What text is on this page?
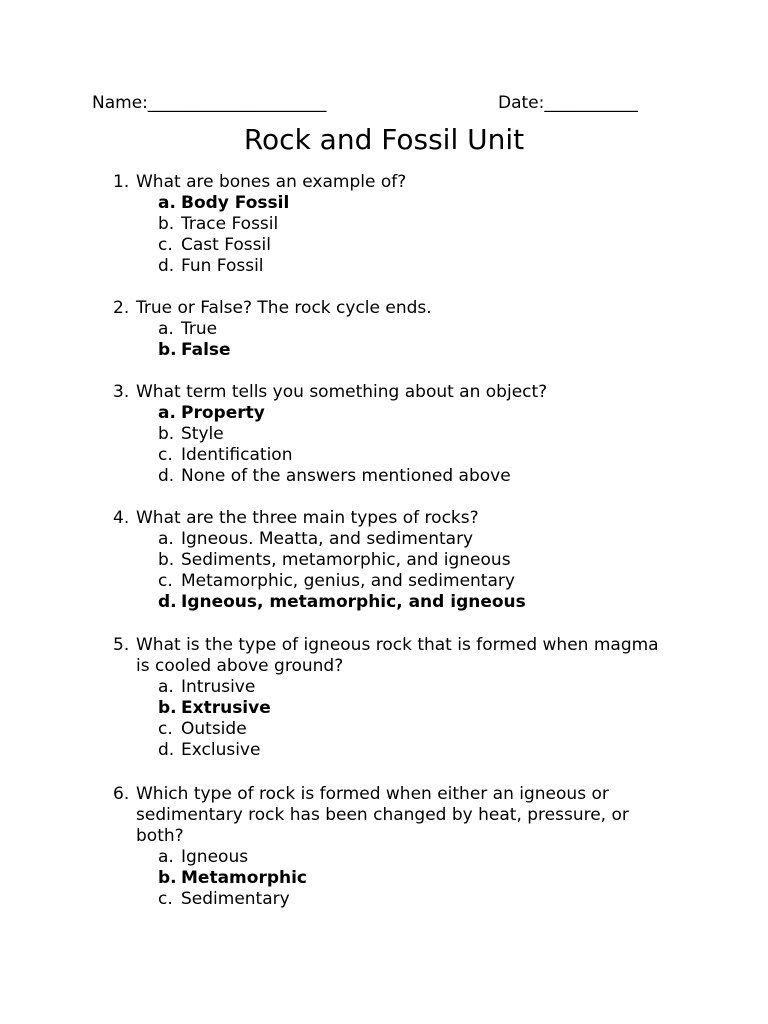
Name:_____________________	Date:___________
Rock and Fossil Unit
1. What are bones an example of?
a. Body Fossil
b. Trace Fossil
c. Cast Fossil
d. Fun Fossil
2. True or False? The rock cycle ends.
a. True
b. False
3. What term tells you something about an object?
a. Property
b. Style
c. Identification
d. None of the answers mentioned above
4. What are the three main types of rocks?
a. Igneous. Meatta, and sedimentary
b. Sediments, metamorphic, and igneous
c. Metamorphic, genius, and sedimentary
d. Igneous, metamorphic, and igneous
5. What is the type of igneous rock that is formed when magma
is cooled above ground?
a. Intrusive
b. Extrusive
c. Outside
d. Exclusive
6. Which type of rock is formed when either an igneous or
sedimentary rock has been changed by heat, pressure, or
both?
a. Igneous
b. Metamorphic
c. Sedimentary
